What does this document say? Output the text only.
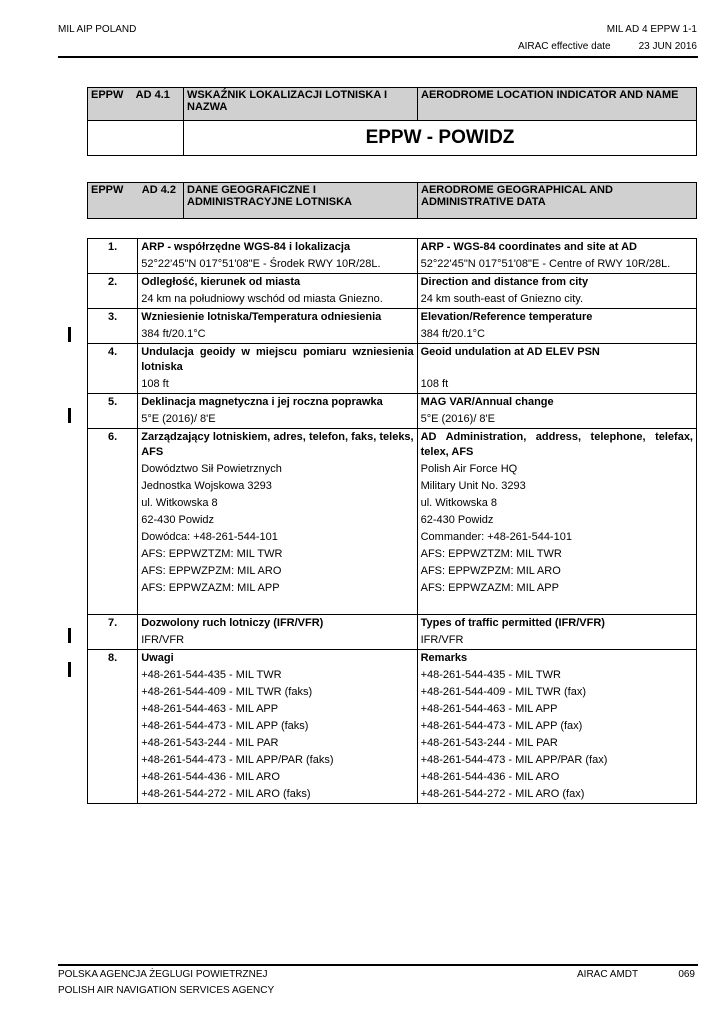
MIL AIP POLAND	MIL AD 4 EPPW 1-1
AIRAC effective date	23 JUN 2016
EPPW AD 4.1	WSKAŹNIK LOKALIZACJI LOTNISKA I NAZWA	AERODROME LOCATION INDICATOR AND NAME
	EPPW - POWIDZ	
EPPW AD 4.2	DANE GEOGRAFICZNE I ADMINISTRACYJNE LOTNISKA	AERODROME GEOGRAPHICAL AND ADMINISTRATIVE DATA
1.	ARP - współrzędne WGS-84 i lokalizacja	ARP - WGS-84 coordinates and site at AD
	52°22'45"N 017°51'08"E - Środek RWY 10R/28L.	52°22'45"N 017°51'08"E - Centre of RWY 10R/28L.
2.	Odległość, kierunek od miasta	Direction and distance from city
	24 km na południowy wschód od miasta Gniezno.	24 km south-east of Gniezno city.
3.	Wzniesienie lotniska/Temperatura odniesienia	Elevation/Reference temperature
	384 ft/20.1°C	384 ft/20.1°C
4.	Undulacja geoidy w miejscu pomiaru wzniesienia lotniska	Geoid undulation at AD ELEV PSN
	108 ft	108 ft
5.	Deklinacja magnetyczna i jej roczna poprawka	MAG VAR/Annual change
	5°E (2016)/ 8'E	5°E (2016)/ 8'E
6.	Zarządzający lotniskiem, adres, telefon, faks, teleks, AFS	AD Administration, address, telephone, telefax, telex, AFS
	Dowództwo Sił Powietrznych	Polish Air Force HQ
	Jednostka Wojskowa 3293	Military Unit No. 3293
	ul. Witkowska 8	ul. Witkowska 8
	62-430 Powidz	62-430 Powidz
	Dowódca: +48-261-544-101	Commander: +48-261-544-101
	AFS: EPPWZTZM: MIL TWR	AFS: EPPWZTZM: MIL TWR
	AFS: EPPWZPZM: MIL ARO	AFS: EPPWZPZM: MIL ARO
	AFS: EPPWZAZM: MIL APP	AFS: EPPWZAZM: MIL APP

7.	Dozwolony ruch lotniczy (IFR/VFR)	Types of traffic permitted (IFR/VFR)
	IFR/VFR	IFR/VFR
8.	Uwagi	Remarks
	+48-261-544-435 - MIL TWR	+48-261-544-435 - MIL TWR
	+48-261-544-409 - MIL TWR (faks)	+48-261-544-409 - MIL TWR (fax)
	+48-261-544-463 - MIL APP	+48-261-544-463 - MIL APP
	+48-261-544-473 - MIL APP (faks)	+48-261-544-473 - MIL APP (fax)
	+48-261-543-244 - MIL PAR	+48-261-543-244 - MIL PAR
	+48-261-544-473 - MIL APP/PAR (faks)	+48-261-544-473 - MIL APP/PAR (fax)
	+48-261-544-436 - MIL ARO	+48-261-544-436 - MIL ARO
	+48-261-544-272 - MIL ARO (faks)	+48-261-544-272 - MIL ARO (fax)
POLSKA AGENCJA ŻEGLUGI POWIETRZNEJ
POLISH AIR NAVIGATION SERVICES AGENCY
AIRAC AMDT	069
